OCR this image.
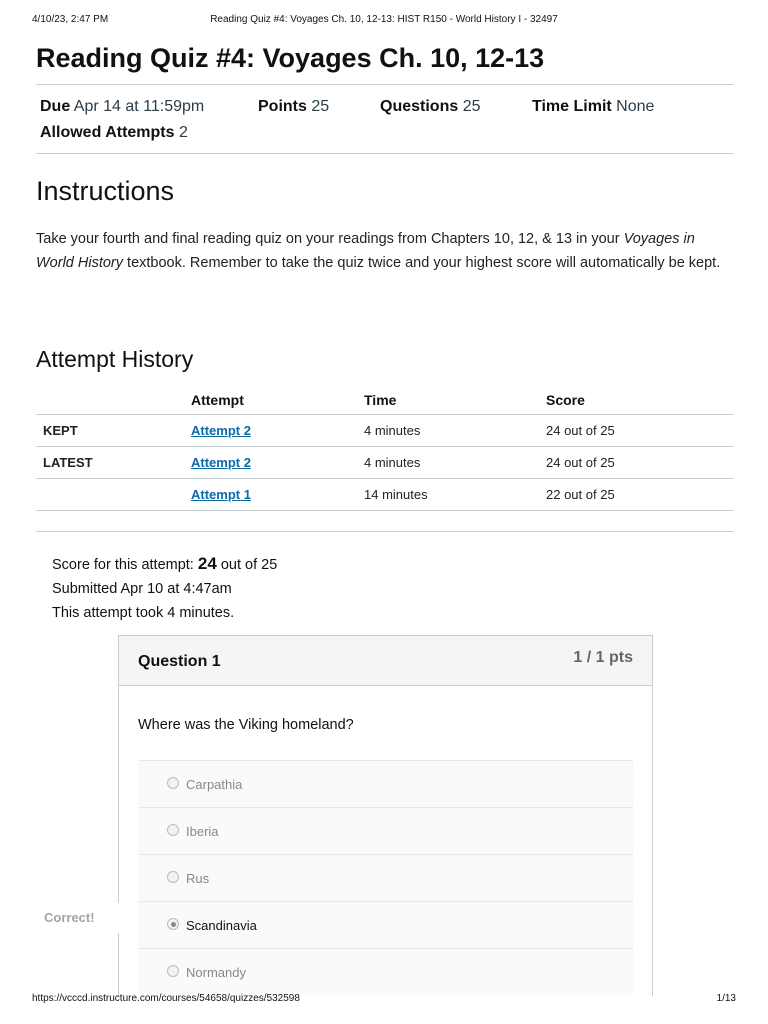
4/10/23, 2:47 PM	Reading Quiz #4: Voyages Ch. 10, 12-13: HIST R150 - World History I - 32497
Reading Quiz #4: Voyages Ch. 10, 12-13
Due Apr 14 at 11:59pm	Points 25	Questions 25	Time Limit None
Allowed Attempts 2
Instructions
Take your fourth and final reading quiz on your readings from Chapters 10, 12, & 13 in your Voyages in World History textbook. Remember to take the quiz twice and your highest score will automatically be kept.
Attempt History
	Attempt	Time	Score
KEPT	Attempt 2	4 minutes	24 out of 25
LATEST	Attempt 2	4 minutes	24 out of 25
	Attempt 1	14 minutes	22 out of 25
Score for this attempt: 24 out of 25
Submitted Apr 10 at 4:47am
This attempt took 4 minutes.
Question 1	1 / 1 pts
Where was the Viking homeland?
Carpathia
Iberia
Rus
Scandinavia
Normandy
Correct!
https://vcccd.instructure.com/courses/54658/quizzes/532598	1/13
